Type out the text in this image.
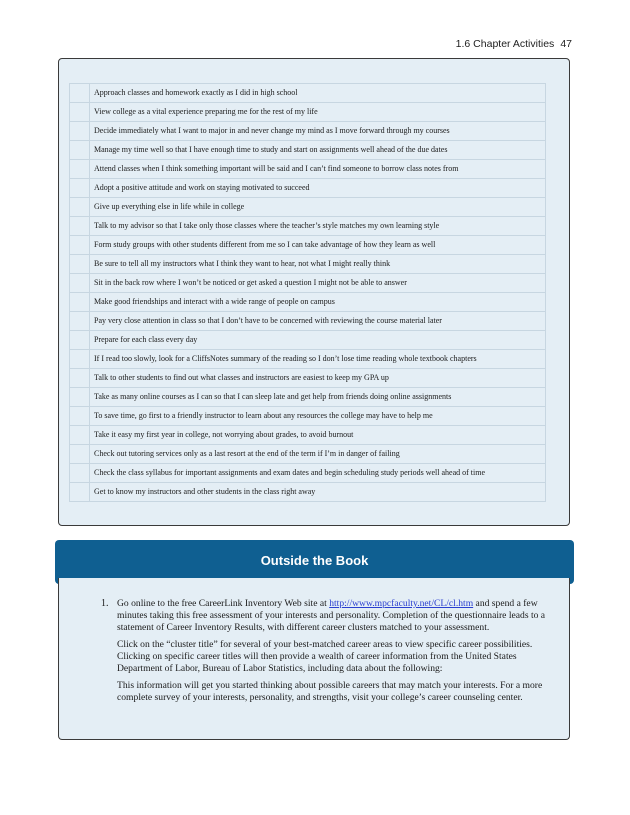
1.6 Chapter Activities 47
	Approach classes and homework exactly as I did in high school
	View college as a vital experience preparing me for the rest of my life
	Decide immediately what I want to major in and never change my mind as I move forward through my courses
	Manage my time well so that I have enough time to study and start on assignments well ahead of the due dates
	Attend classes when I think something important will be said and I can’t find someone to borrow class notes from
	Adopt a positive attitude and work on staying motivated to succeed
	Give up everything else in life while in college
	Talk to my advisor so that I take only those classes where the teacher’s style matches my own learning style
	Form study groups with other students different from me so I can take advantage of how they learn as well
	Be sure to tell all my instructors what I think they want to hear, not what I might really think
	Sit in the back row where I won’t be noticed or get asked a question I might not be able to answer
	Make good friendships and interact with a wide range of people on campus
	Pay very close attention in class so that I don’t have to be concerned with reviewing the course material later
	Prepare for each class every day
	If I read too slowly, look for a CliffsNotes summary of the reading so I don’t lose time reading whole textbook chapters
	Talk to other students to find out what classes and instructors are easiest to keep my GPA up
	Take as many online courses as I can so that I can sleep late and get help from friends doing online assignments
	To save time, go first to a friendly instructor to learn about any resources the college may have to help me
	Take it easy my first year in college, not worrying about grades, to avoid burnout
	Check out tutoring services only as a last resort at the end of the term if I’m in danger of failing
	Check the class syllabus for important assignments and exam dates and begin scheduling study periods well ahead of time
	Get to know my instructors and other students in the class right away
Outside the Book
1. Go online to the free CareerLink Inventory Web site at http://www.mpcfaculty.net/CL/cl.htm and spend a few minutes taking this free assessment of your interests and personality. Completion of the questionnaire leads to a statement of Career Inventory Results, with different career clusters matched to your assessment.

Click on the “cluster title” for several of your best-matched career areas to view specific career possibilities. Clicking on specific career titles will then provide a wealth of career information from the United States Department of Labor, Bureau of Labor Statistics, including data about the following:

This information will get you started thinking about possible careers that may match your interests. For a more complete survey of your interests, personality, and strengths, visit your college’s career counseling center.
